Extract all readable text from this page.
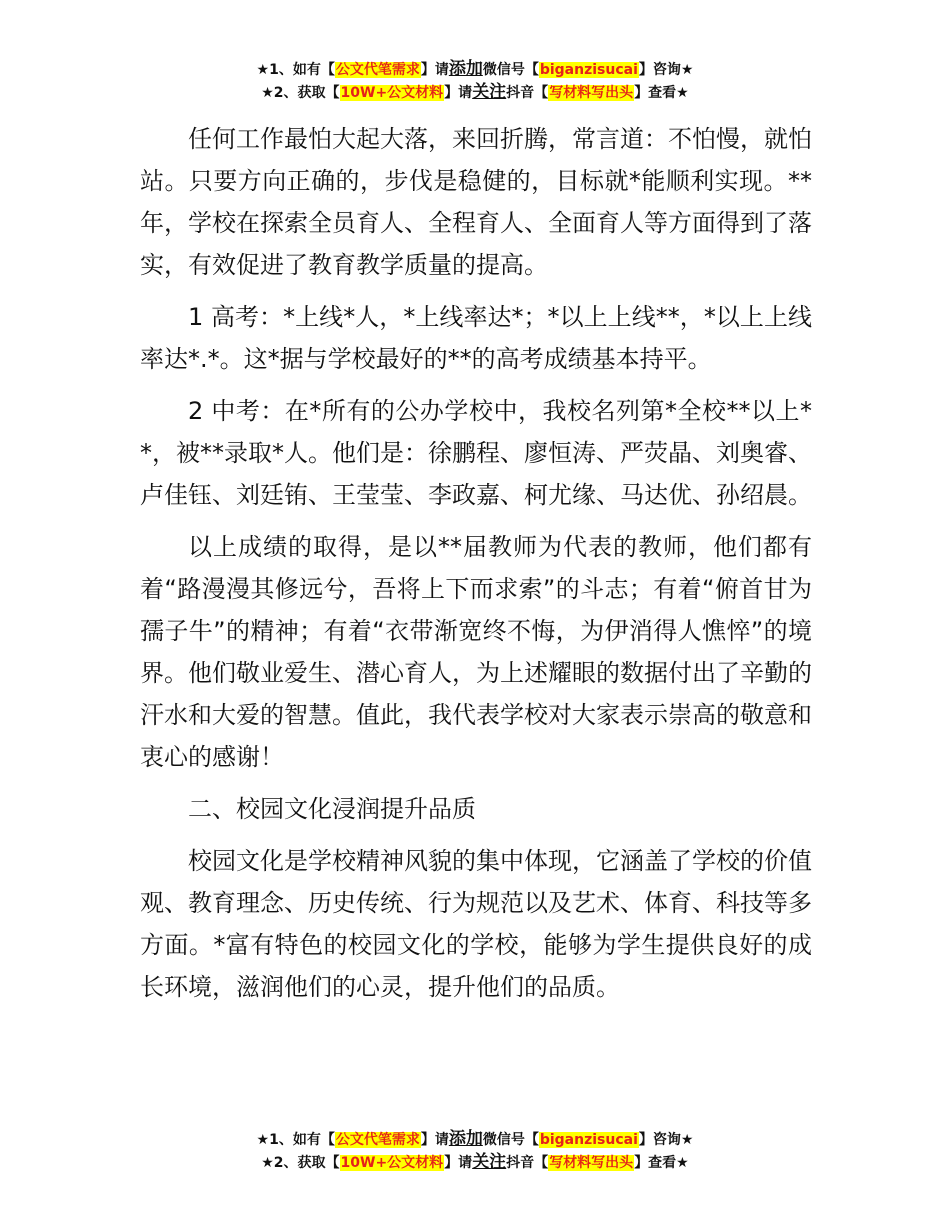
★1、如有【公文代笔需求】请添加微信号【biganzisucai】咨询★
★2、获取【10W+公文材料】请关注抖音【写材料写出头】查看★

任何工作最怕大起大落，来回折腾，常言道：不怕慢，就怕站。只要方向正确的，步伐是稳健的，目标就*能顺利实现。**年，学校在探索全员育人、全程育人、全面育人等方面得到了落实，有效促进了教育教学质量的提高。

1 高考：*上线*人，*上线率达*；*以上上线**，*以上上线率达*.*。这*据与学校最好的**的高考成绩基本持平。

2 中考：在*所有的公办学校中，我校名列第*全校**以上**，被**录取*人。他们是：徐鹏程、廖恒涛、严荧晶、刘奥睿、卢佳钰、刘廷铕、王莹莹、李政嘉、柯尤缘、马达优、孙绍晨。

以上成绩的取得，是以**届教师为代表的教师，他们都有着“路漫漫其修远兮，吾将上下而求索”的斗志；有着“俯首甘为孺子牛”的精神；有着“衣带渐宽终不悔，为伊消得人憔悴”的境界。他们敬业爱生、潜心育人，为上述耀眼的数据付出了辛勤的汗水和大爱的智慧。值此，我代表学校对大家表示崇高的敬意和衷心的感谢！

二、校园文化浸润提升品质

校园文化是学校精神风貌的集中体现，它涵盖了学校的价值观、教育理念、历史传统、行为规范以及艺术、体育、科技等多方面。*富有特色的校园文化的学校，能够为学生提供良好的成长环境，滋润他们的心灵，提升他们的品质。

★1、如有【公文代笔需求】请添加微信号【biganzisucai】咨询★
★2、获取【10W+公文材料】请关注抖音【写材料写出头】查看★
